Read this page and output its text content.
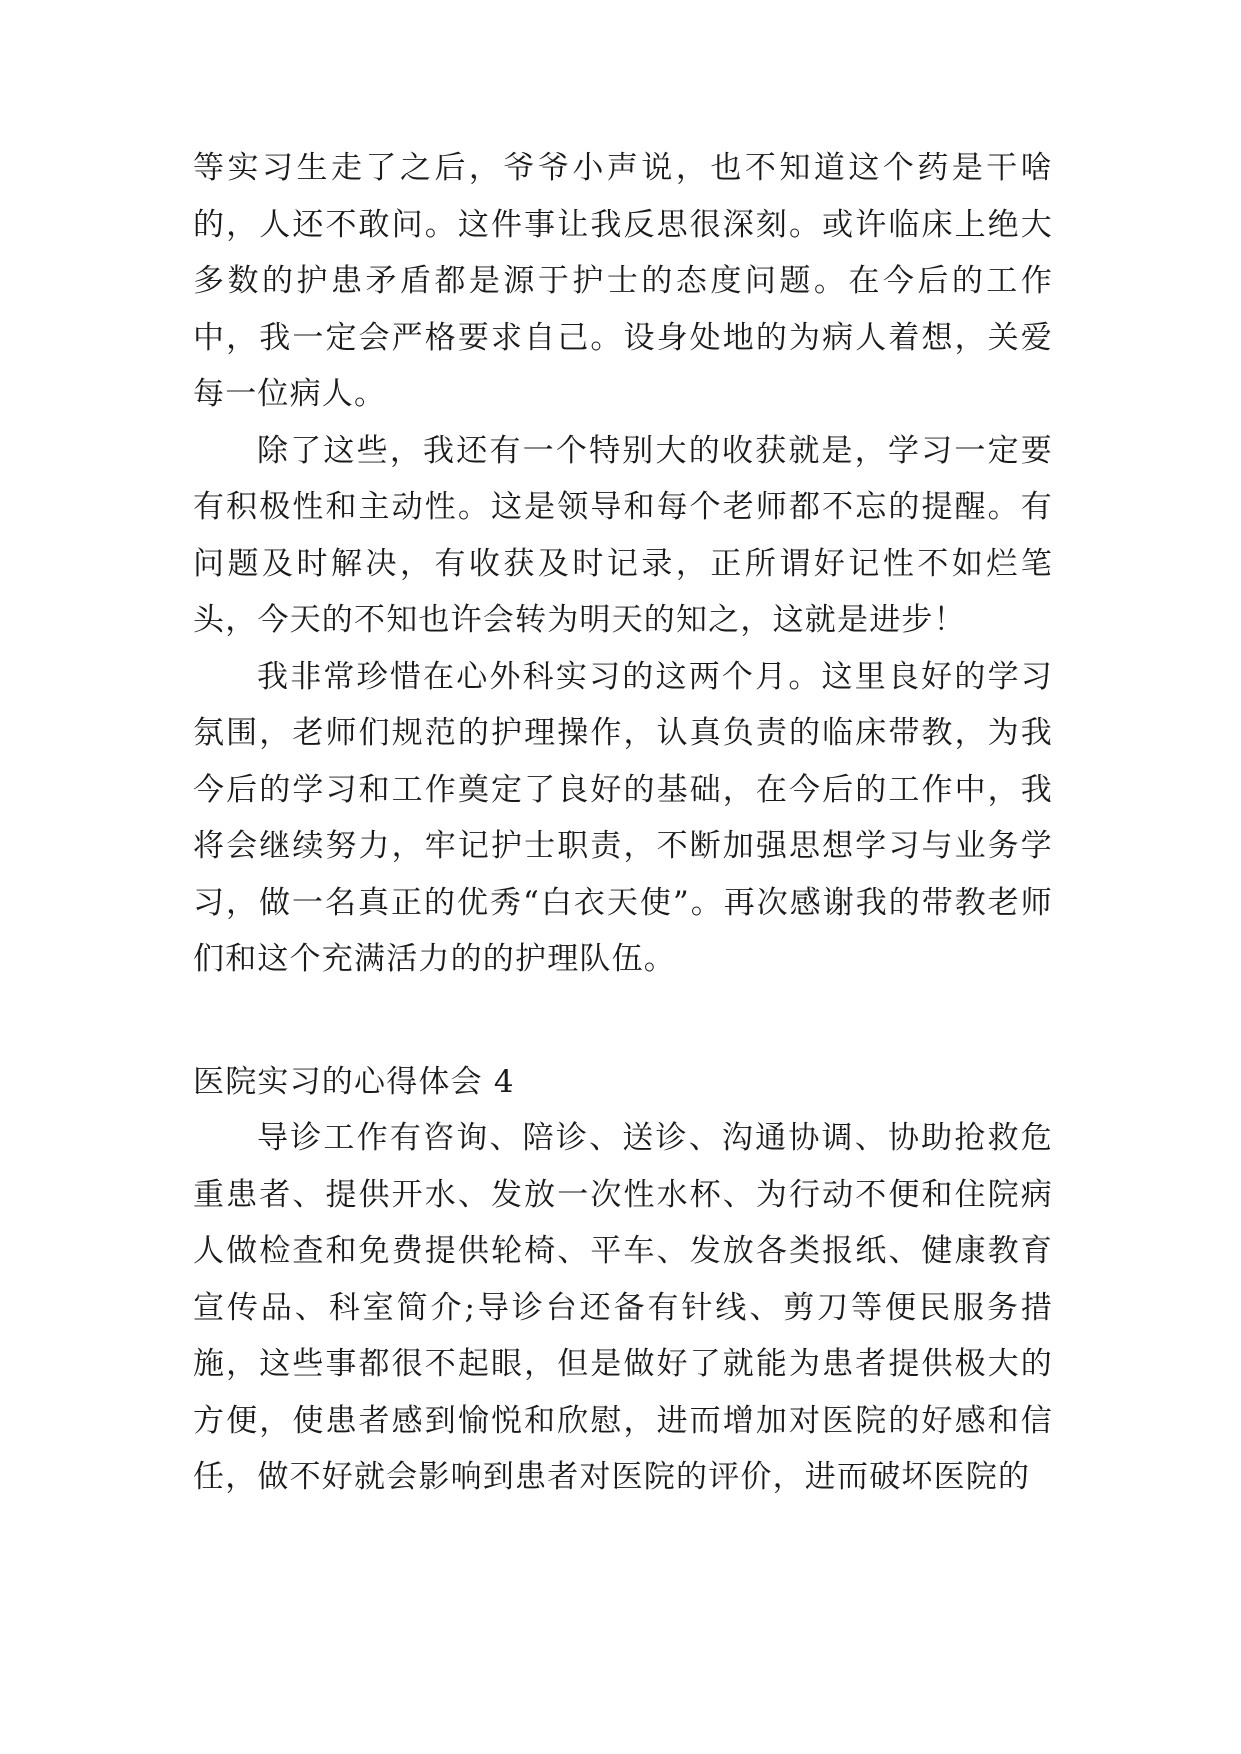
等实习生走了之后，爷爷小声说，也不知道这个药是干啥的，人还不敢问。这件事让我反思很深刻。或许临床上绝大多数的护患矛盾都是源于护士的态度问题。在今后的工作中，我一定会严格要求自己。设身处地的为病人着想，关爱每一位病人。

除了这些，我还有一个特别大的收获就是，学习一定要有积极性和主动性。这是领导和每个老师都不忘的提醒。有问题及时解决，有收获及时记录，正所谓好记性不如烂笔头，今天的不知也许会转为明天的知之，这就是进步！

我非常珍惜在心外科实习的这两个月。这里良好的学习氛围，老师们规范的护理操作，认真负责的临床带教，为我今后的学习和工作奠定了良好的基础，在今后的工作中，我将会继续努力，牢记护士职责，不断加强思想学习与业务学习，做一名真正的优秀“白衣天使”。再次感谢我的带教老师们和这个充满活力的的护理队伍。

医院实习的心得体会 4

导诊工作有咨询、陪诊、送诊、沟通协调、协助抢救危重患者、提供开水、发放一次性水杯、为行动不便和住院病人做检查和免费提供轮椅、平车、发放各类报纸、健康教育宣传品、科室简介;导诊台还备有针线、剪刀等便民服务措施，这些事都很不起眼，但是做好了就能为患者提供极大的方便，使患者感到愉悦和欣慰，进而增加对医院的好感和信任，做不好就会影响到患者对医院的评价，进而破坏医院的
